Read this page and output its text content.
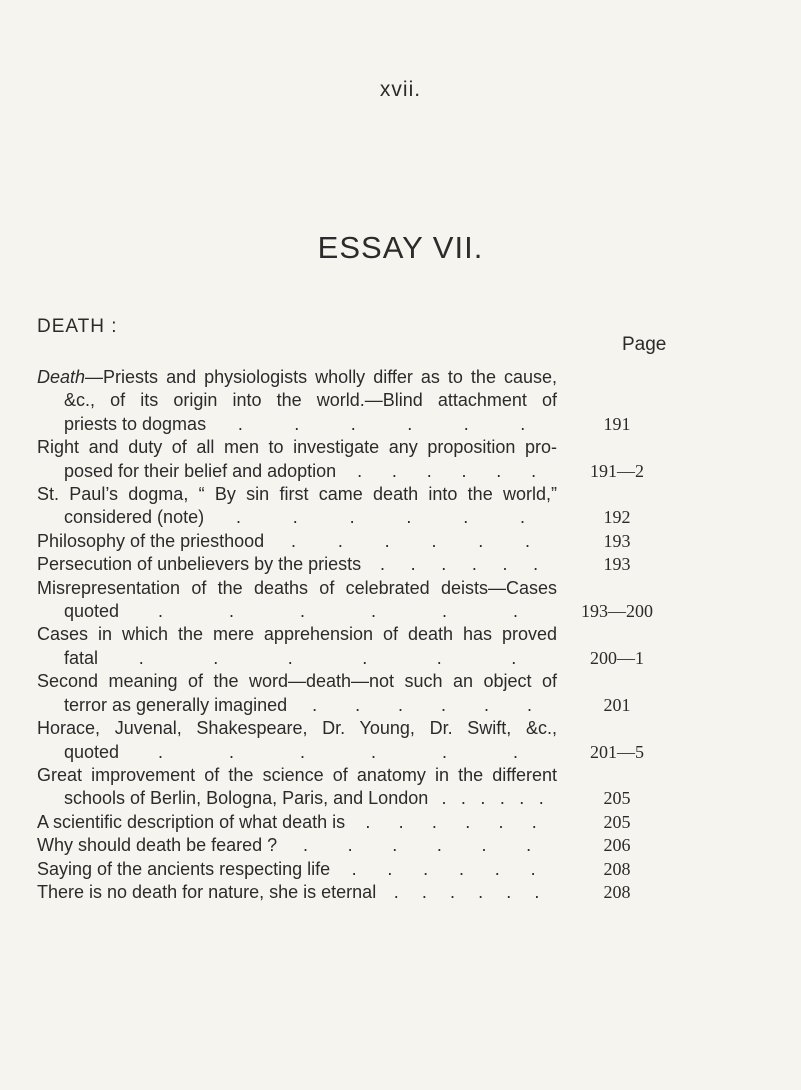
xvii.
ESSAY VII.
DEATH :
Page
Death—Priests and physiologists wholly differ as to the cause,
&c., of its origin into the world.—Blind attachment of
priests to dogmas .	.	.	.	.	.	191
Right and duty of all men to investigate any proposition pro-
posed for their belief and adoption . . . . . .	191—2
St. Paul’s dogma, “ By sin first came death into the world,”
considered (note) .	.	.	.	.	.	192
Philosophy of the priesthood . . . . . .	193
Persecution of unbelievers by the priests . . . . . .	193
Misrepresentation of the deaths of celebrated deists—Cases
quoted .	.	.	.	.	.	193—200
Cases in which the mere apprehension of death has proved
fatal .	.	.	.	.	.	200—1
Second meaning of the word—death—not such an object of
terror as generally imagined . . . . . .	201
Horace, Juvenal, Shakespeare, Dr. Young, Dr. Swift, &c.,
quoted .	.	.	.	.	.	201—5
Great improvement of the science of anatomy in the different
schools of Berlin, Bologna, Paris, and London . . . . . .	205
A scientific description of what death is . . . . . .	205
Why should death be feared ? . . . . . .	206
Saying of the ancients respecting life . . . . . .	208
There is no death for nature, she is eternal . . . . . .	208
